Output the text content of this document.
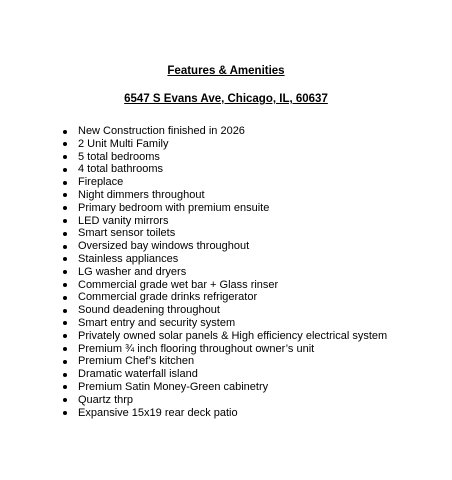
Features & Amenities
6547 S Evans Ave, Chicago, IL, 60637
New Construction finished in 2026
2 Unit Multi Family
5 total bedrooms
4 total bathrooms
Fireplace
Night dimmers throughout
Primary bedroom with premium ensuite
LED vanity mirrors
Smart sensor toilets
Oversized bay windows throughout
Stainless appliances
LG washer and dryers
Commercial grade wet bar + Glass rinser
Commercial grade drinks refrigerator
Sound deadening throughout
Smart entry and security system
Privately owned solar panels & High efficiency electrical system
Premium ¾ inch flooring throughout owner’s unit
Premium Chef’s kitchen
Dramatic waterfall island
Premium Satin Money-Green cabinetry
Quartz thrp
Expansive 15x19 rear deck patio
